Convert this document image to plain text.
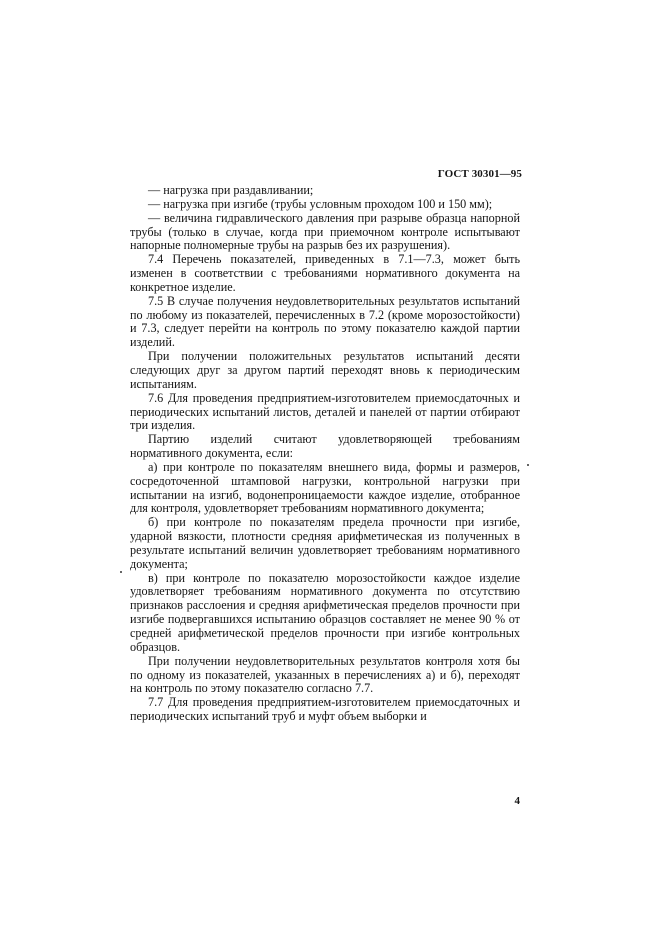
ГОСТ 30301—95

— нагрузка при раздавливании;

— нагрузка при изгибе (трубы условным проходом 100 и 150 мм);

— величина гидравлического давления при разрыве образца напорной трубы (только в случае, когда при приемочном контроле испытывают напорные полномерные трубы на разрыв без их разрушения).

7.4 Перечень показателей, приведенных в 7.1—7.3, может быть изменен в соответствии с требованиями нормативного документа на конкретное изделие.

7.5 В случае получения неудовлетворительных результатов испытаний по любому из показателей, перечисленных в 7.2 (кроме морозостойкости) и 7.3, следует перейти на контроль по этому показателю каждой партии изделий.

При получении положительных результатов испытаний десяти следующих друг за другом партий переходят вновь к периодическим испытаниям.

7.6 Для проведения предприятием-изготовителем приемосдаточных и периодических испытаний листов, деталей и панелей от партии отбирают три изделия.

Партию изделий считают удовлетворяющей требованиям нормативного документа, если:

а) при контроле по показателям внешнего вида, формы и размеров, сосредоточенной штамповой нагрузки, контрольной нагрузки при испытании на изгиб, водонепроницаемости каждое изделие, отобранное для контроля, удовлетворяет требованиям нормативного документа;

б) при контроле по показателям предела прочности при изгибе, ударной вязкости, плотности средняя арифметическая из полученных в результате испытаний величин удовлетворяет требованиям нормативного документа;

в) при контроле по показателю морозостойкости каждое изделие удовлетворяет требованиям нормативного документа по отсутствию признаков расслоения и средняя арифметическая пределов прочности при изгибе подвергавшихся испытанию образцов составляет не менее 90 % от средней арифметической пределов прочности при изгибе контрольных образцов.

При получении неудовлетворительных результатов контроля хотя бы по одному из показателей, указанных в перечислениях а) и б), переходят на контроль по этому показателю согласно 7.7.

7.7 Для проведения предприятием-изготовителем приемосдаточных и периодических испытаний труб и муфт объем выборки и

4
